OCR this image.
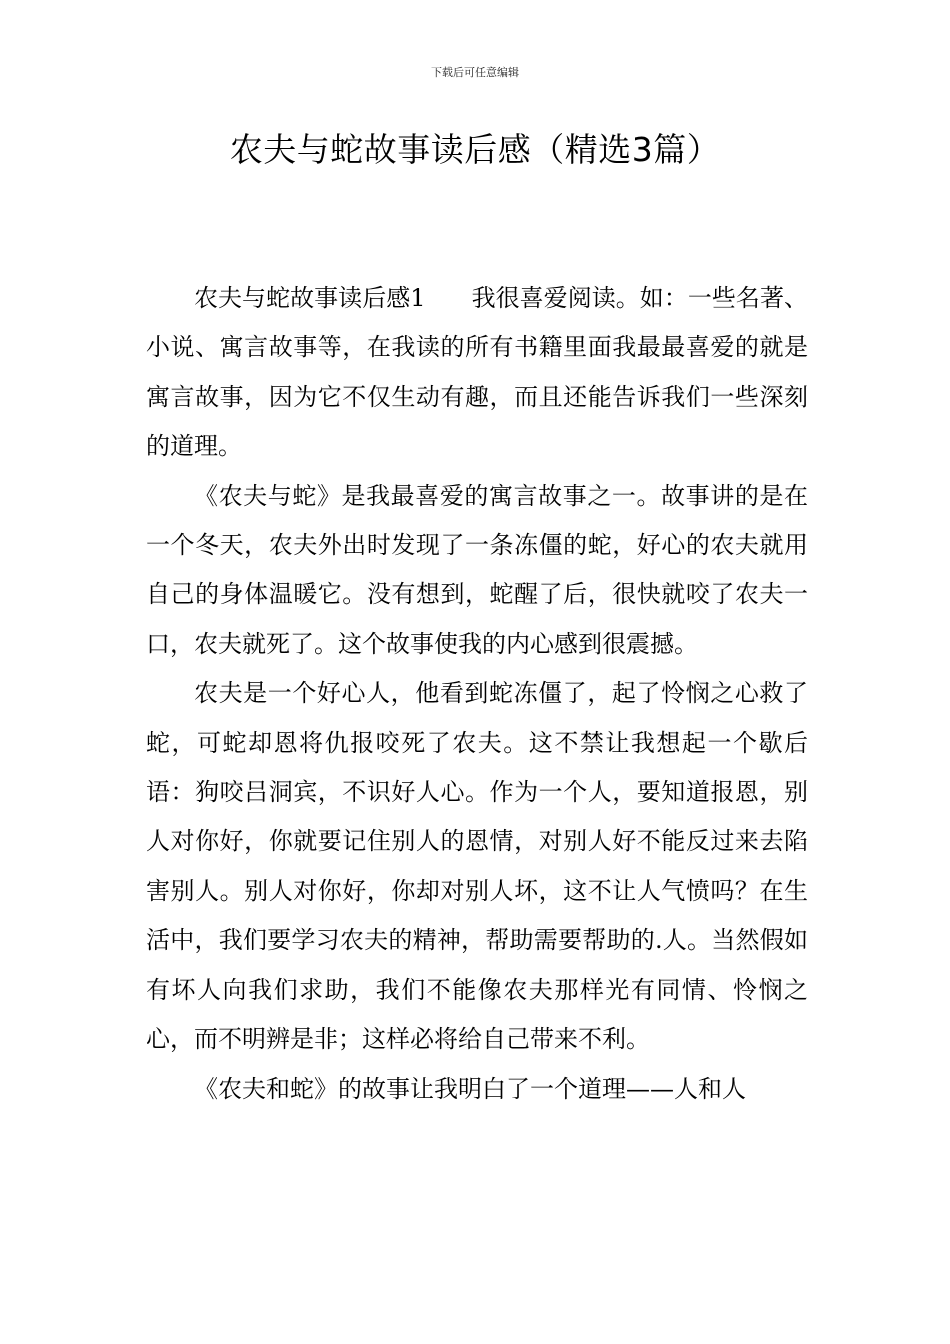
下载后可任意编辑
农夫与蛇故事读后感（精选3篇）

农夫与蛇故事读后感1 我很喜爱阅读。如：一些名著、小说、寓言故事等，在我读的所有书籍里面我最最喜爱的就是寓言故事，因为它不仅生动有趣，而且还能告诉我们一些深刻的道理。

《农夫与蛇》是我最喜爱的寓言故事之一。故事讲的是在一个冬天，农夫外出时发现了一条冻僵的蛇，好心的农夫就用自己的身体温暖它。没有想到，蛇醒了后，很快就咬了农夫一口，农夫就死了。这个故事使我的内心感到很震撼。

农夫是一个好心人，他看到蛇冻僵了，起了怜悯之心救了蛇，可蛇却恩将仇报咬死了农夫。这不禁让我想起一个歇后语：狗咬吕洞宾，不识好人心。作为一个人，要知道报恩，别人对你好，你就要记住别人的恩情，对别人好不能反过来去陷害别人。别人对你好，你却对别人坏，这不让人气愤吗？在生活中，我们要学习农夫的精神，帮助需要帮助的.人。当然假如有坏人向我们求助，我们不能像农夫那样光有同情、怜悯之心，而不明辨是非；这样必将给自己带来不利。

《农夫和蛇》的故事让我明白了一个道理——人和人
